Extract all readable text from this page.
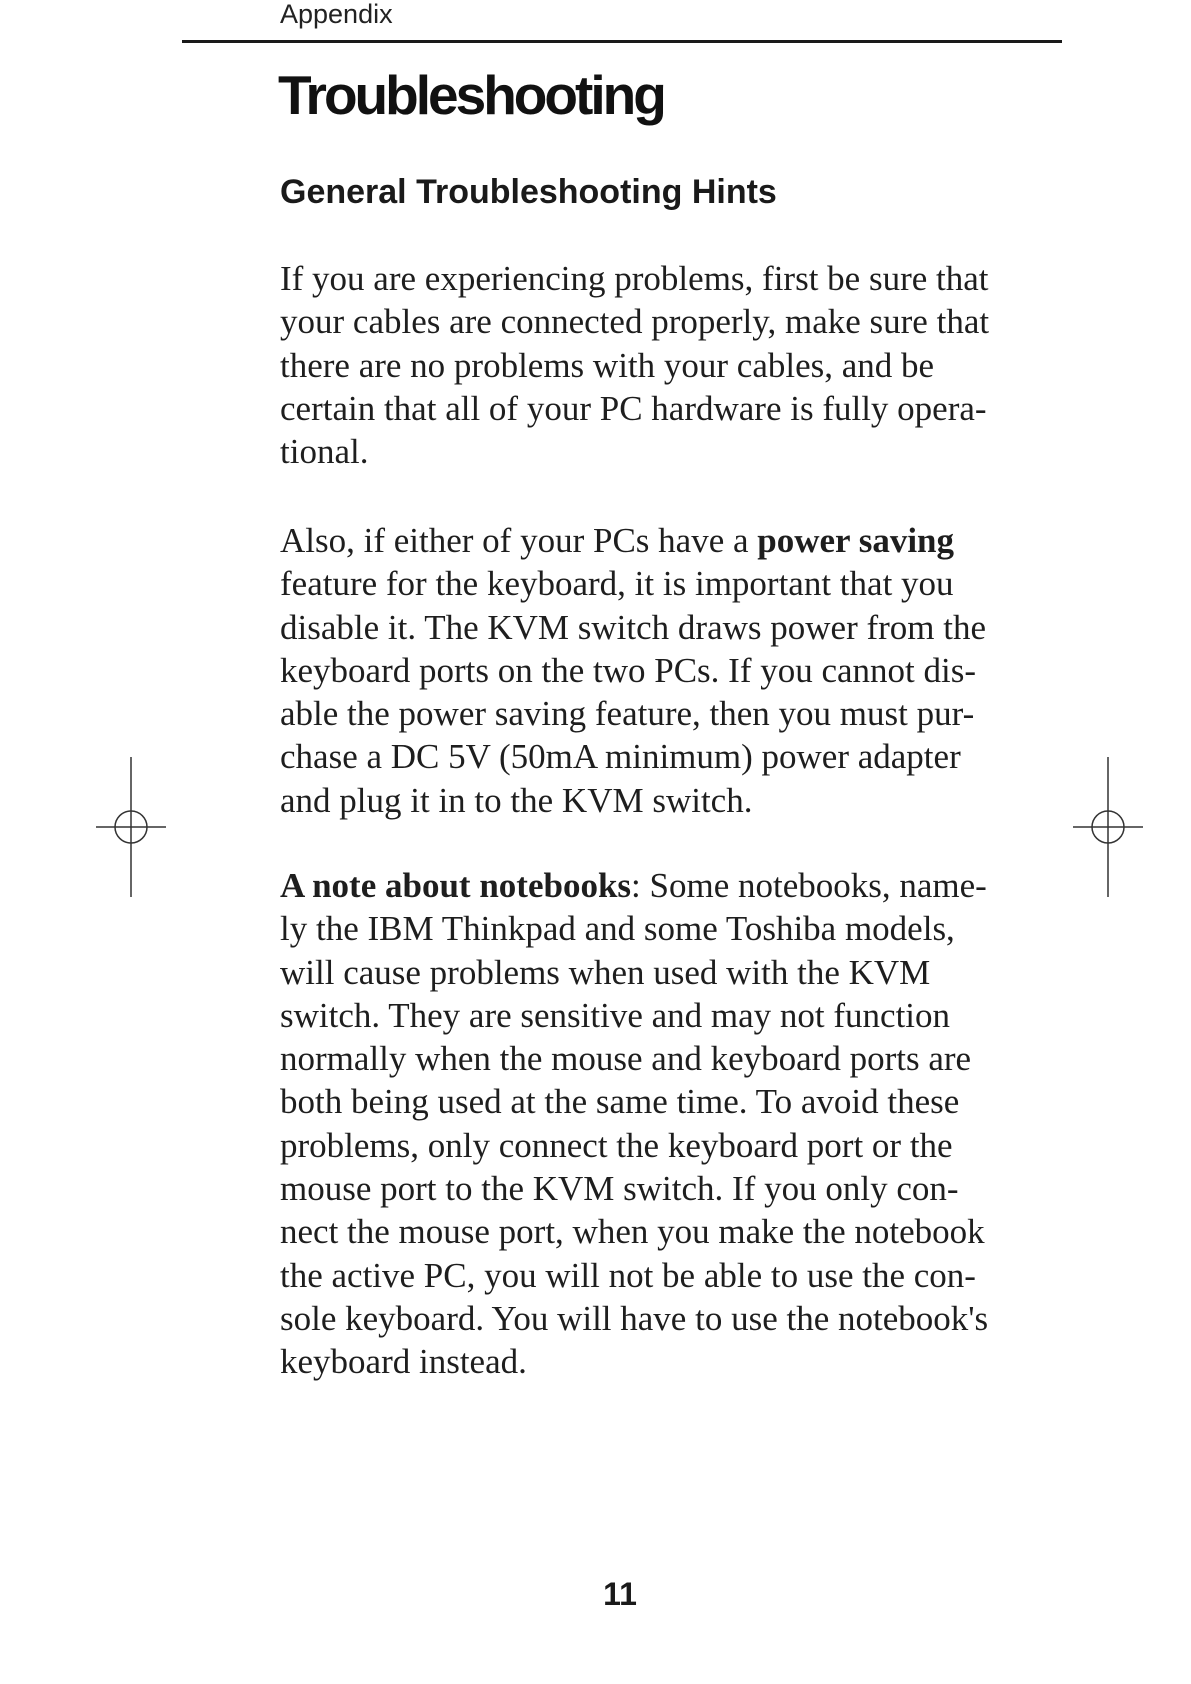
Appendix
Troubleshooting
General Troubleshooting Hints
If you are experiencing problems, first be sure that
your cables are connected properly, make sure that
there are no problems with your cables, and be
certain that all of your PC hardware is fully opera-
tional.
Also, if either of your PCs have a power saving
feature for the keyboard, it is important that you
disable it. The KVM switch draws power from the
keyboard ports on the two PCs. If you cannot dis-
able the power saving feature, then you must pur-
chase a DC 5V (50mA minimum) power adapter
and plug it in to the KVM switch.
A note about notebooks: Some notebooks, name-
ly the IBM Thinkpad and some Toshiba models,
will cause problems when used with the KVM
switch. They are sensitive and may not function
normally when the mouse and keyboard ports are
both being used at the same time. To avoid these
problems, only connect the keyboard port or the
mouse port to the KVM switch. If you only con-
nect the mouse port, when you make the notebook
the active PC, you will not be able to use the con-
sole keyboard. You will have to use the notebook's
keyboard instead.
11
